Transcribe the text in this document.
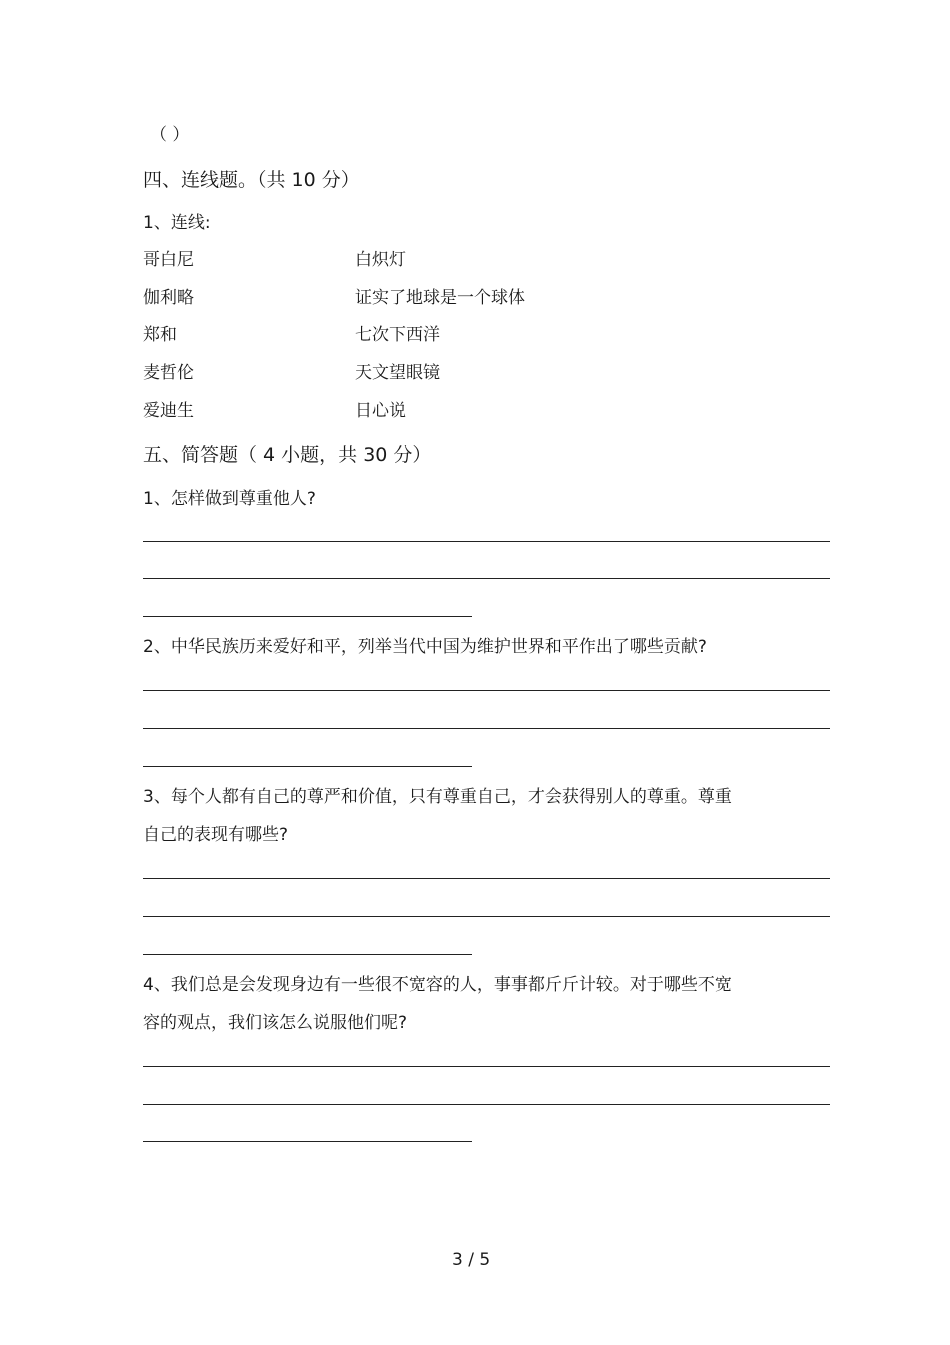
（ ）
四、连线题。（共 10 分）
1、连线:
哥白尼
伽利略
郑和
麦哲伦
爱迪生
白炽灯
证实了地球是一个球体
七次下西洋
天文望眼镜
日心说
五、简答题（ 4 小题，共 30 分）
1、怎样做到尊重他人?
2、中华民族历来爱好和平，列举当代中国为维护世界和平作出了哪些贡献?
3、每个人都有自己的尊严和价值，只有尊重自己，才会获得别人的尊重。尊重
自己的表现有哪些?
4、我们总是会发现身边有一些很不宽容的人，事事都斤斤计较。对于哪些不宽
容的观点，我们该怎么说服他们呢?
3 / 5
